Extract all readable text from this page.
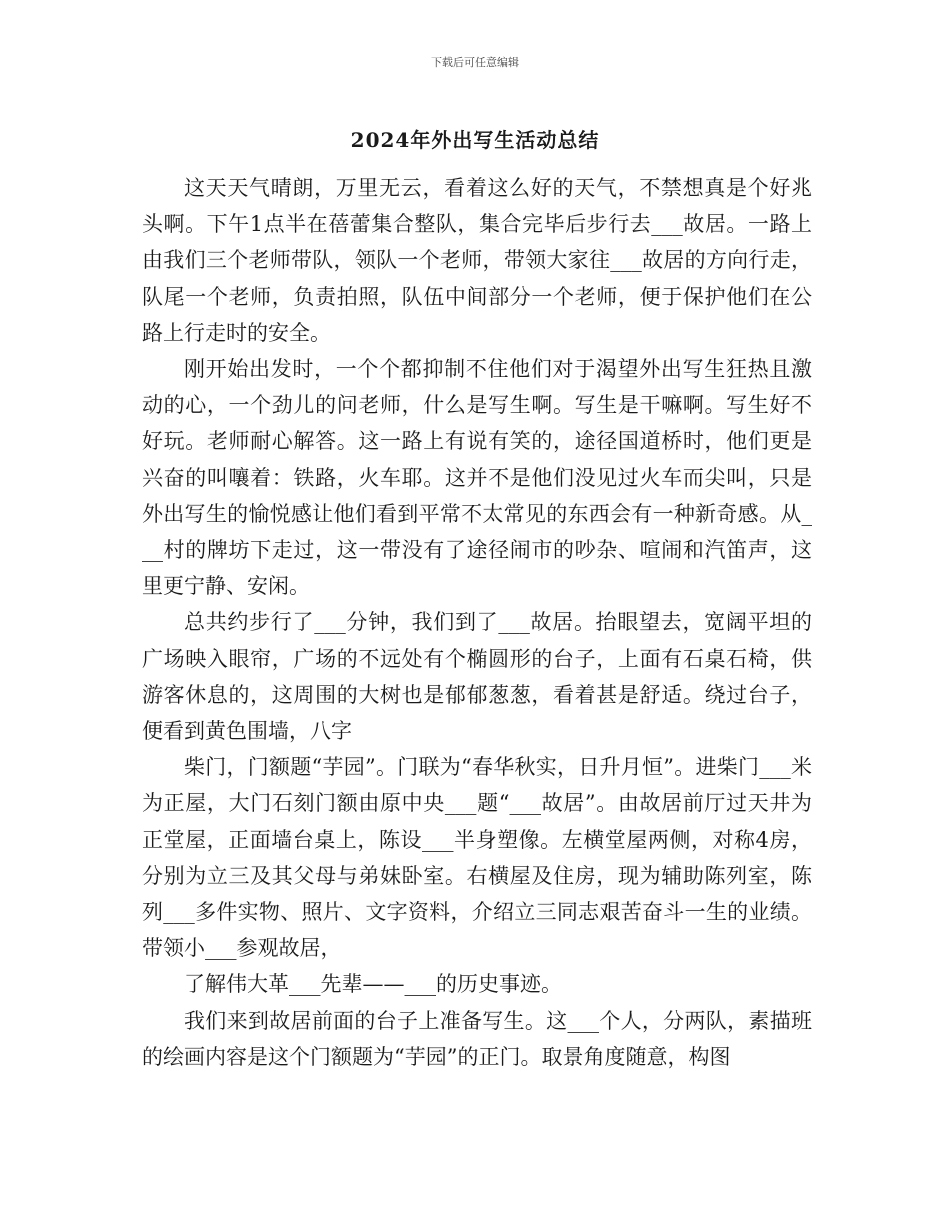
下载后可任意编辑
2024年外出写生活动总结

这天天气晴朗，万里无云，看着这么好的天气，不禁想真是个好兆头啊。下午1点半在蓓蕾集合整队，集合完毕后步行去___故居。一路上由我们三个老师带队，领队一个老师，带领大家往___故居的方向行走，队尾一个老师，负责拍照，队伍中间部分一个老师，便于保护他们在公路上行走时的安全。

刚开始出发时，一个个都抑制不住他们对于渴望外出写生狂热且激动的心，一个劲儿的问老师，什么是写生啊。写生是干嘛啊。写生好不好玩。老师耐心解答。这一路上有说有笑的，途径国道桥时，他们更是兴奋的叫嚷着：铁路，火车耶。这并不是他们没见过火车而尖叫，只是外出写生的愉悦感让他们看到平常不太常见的东西会有一种新奇感。从___村的牌坊下走过，这一带没有了途径闹市的吵杂、喧闹和汽笛声，这里更宁静、安闲。

总共约步行了___分钟，我们到了___故居。抬眼望去，宽阔平坦的广场映入眼帘，广场的不远处有个椭圆形的台子，上面有石桌石椅，供游客休息的，这周围的大树也是郁郁葱葱，看着甚是舒适。绕过台子，便看到黄色围墙，八字

柴门，门额题“芋园”。门联为“春华秋实，日升月恒”。进柴门___米为正屋，大门石刻门额由原中央___题“___故居”。由故居前厅过天井为正堂屋，正面墙台桌上，陈设___半身塑像。左横堂屋两侧，对称4房，分别为立三及其父母与弟妹卧室。右横屋及住房，现为辅助陈列室，陈列___多件实物、照片、文字资料，介绍立三同志艰苦奋斗一生的业绩。带领小___参观故居，

了解伟大革___先辈——___的历史事迹。

我们来到故居前面的台子上准备写生。这___个人，分两队，素描班的绘画内容是这个门额题为“芋园”的正门。取景角度随意，构图
